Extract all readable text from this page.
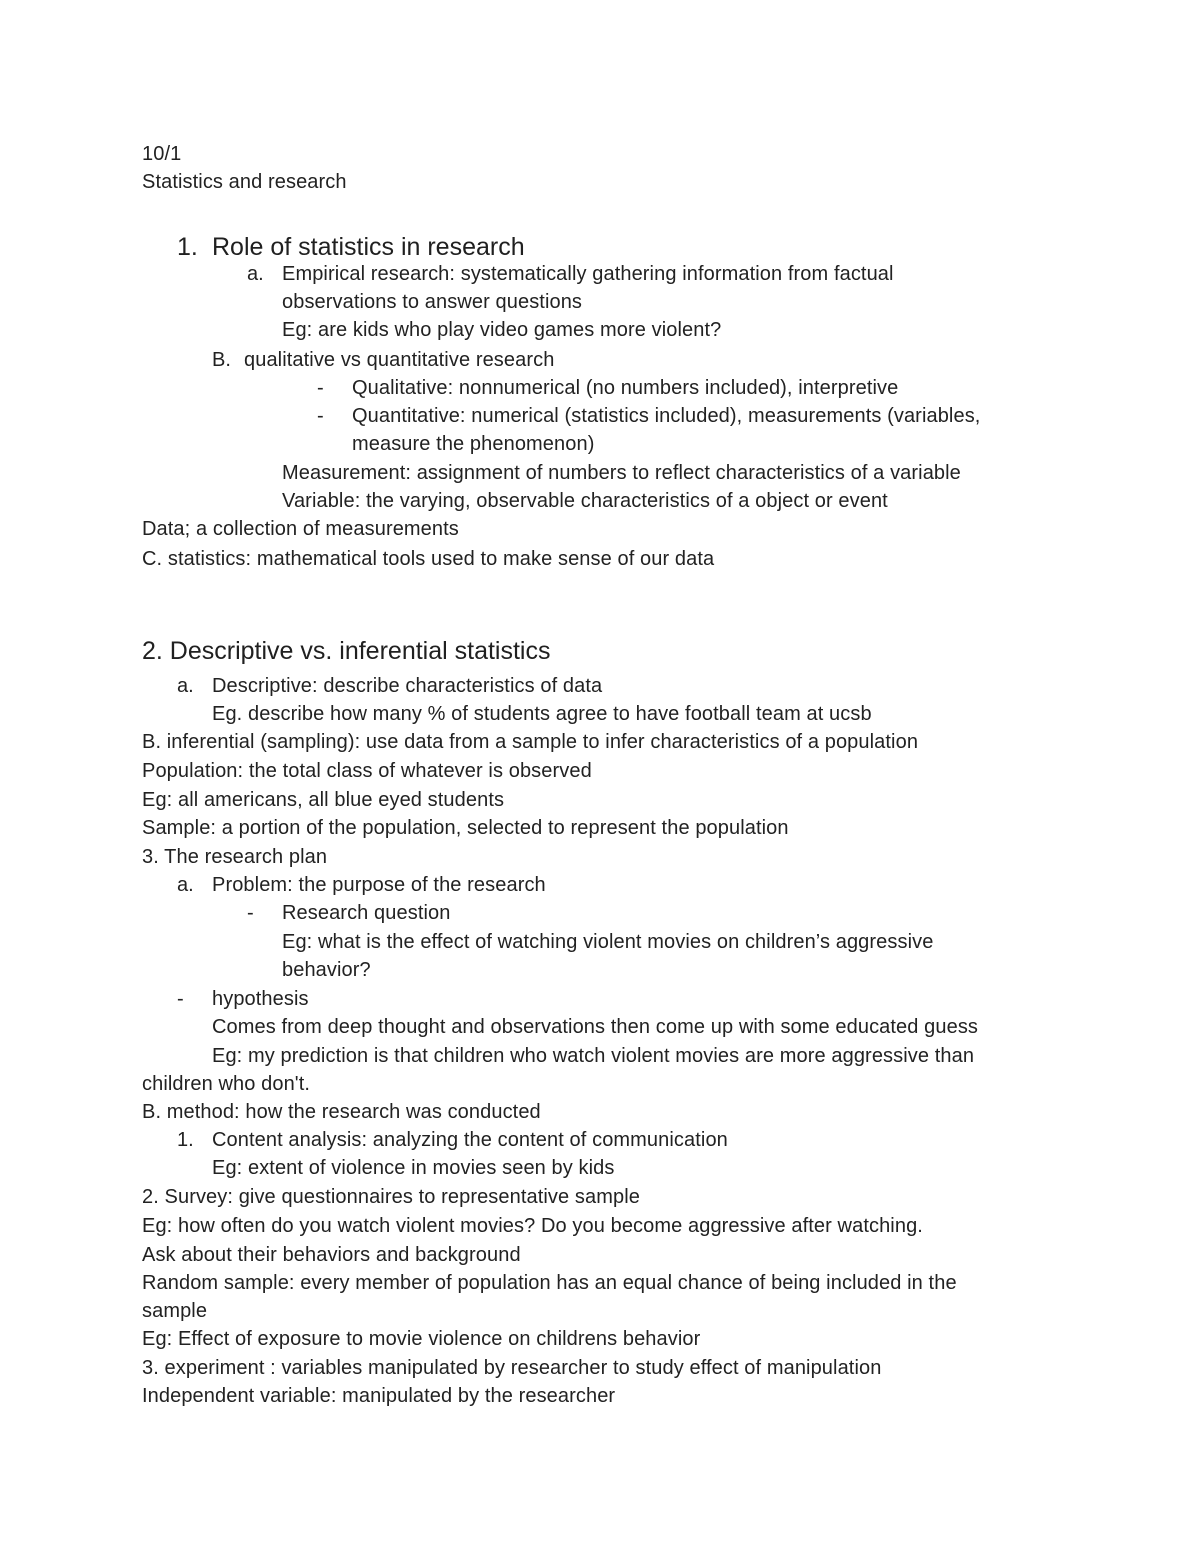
10/1
Statistics and research
1. Role of statistics in research
a. Empirical research: systematically gathering information from factual
observations to answer questions
Eg: are kids who play video games more violent?
B. qualitative vs quantitative research
- Qualitative: nonnumerical (no numbers included), interpretive
- Quantitative: numerical (statistics included), measurements (variables,
measure the phenomenon)
Measurement: assignment of numbers to reflect characteristics of a variable
Variable: the varying, observable characteristics of a object or event
Data; a collection of measurements
C. statistics: mathematical tools used to make sense of our data
2. Descriptive vs. inferential statistics
a. Descriptive: describe characteristics of data
Eg. describe how many % of students agree to have football team at ucsb
B. inferential (sampling): use data from a sample to infer characteristics of a population
Population: the total class of whatever is observed
Eg: all americans, all blue eyed students
Sample: a portion of the population, selected to represent the population
3. The research plan
a. Problem: the purpose of the research
- Research question
Eg: what is the effect of watching violent movies on children’s aggressive
behavior?
- hypothesis
Comes from deep thought and observations then come up with some educated guess
Eg: my prediction is that children who watch violent movies are more aggressive than
children who don't.
B. method: how the research was conducted
1. Content analysis: analyzing the content of communication
Eg: extent of violence in movies seen by kids
2. Survey: give questionnaires to representative sample
Eg: how often do you watch violent movies? Do you become aggressive after watching.
Ask about their behaviors and background
Random sample: every member of population has an equal chance of being included in the
sample
Eg: Effect of exposure to movie violence on childrens behavior
3. experiment : variables manipulated by researcher to study effect of manipulation
Independent variable: manipulated by the researcher
